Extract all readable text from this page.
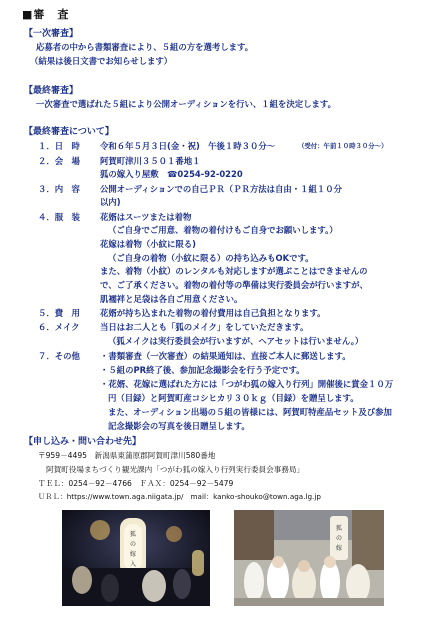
■審　査
【一次審査】
応募者の中から書類審査により、５組の方を選考します。
（結果は後日文書でお知らせします）
【最終審査】
一次審査で選ばれた５組により公開オーディションを行い、１組を決定します。
【最終審査について】
１．日　時 令和６年５月３日(金・祝)　午後１時３０分～	（受付：午前１０時３０分～）
２．会　場 阿賀町津川３５０１番地１
狐の嫁入り屋敷　☎0254-92-0220
３．内　容 公開オーディションでの自己ＰＲ（ＰＲ方法は自由・１組１０分
以内)
４．服　装 花婿はスーツまたは着物
（ご自身でご用意、着物の着付けもご自身でお願いします。）
花嫁は着物（小紋に限る)
（ご自身の着物（小紋に限る）の持ち込みもOKです。
また、着物（小紋）のレンタルも対応しますが選ぶことはできませんの
で、ご了承ください。着物の着付等の準備は実行委員会が行いますが、
肌襦袢と足袋は各自ご用意ください。
５．費　用 花婿が持ち込まれた着物の着付費用は自己負担となります。
６．メイク 当日はお二人とも「狐のメイク」をしていただきます。
（狐メイクは実行委員会が行いますが、ヘアセットは行いません。）
７．その他 ・書類審査（一次審査）の結果通知は、直接ご本人に郵送します。
・５組のPR終了後、参加記念撮影会を行う予定です。
・花婿、花嫁に選ばれた方には「つがわ狐の嫁入り行列」開催後に賞金１０万
円（目録）と阿賀町産コシヒカリ３０ｋｇ（目録）を贈呈します。
また、オーディション出場の５組の皆様には、阿賀町特産品セット及び参加
記念撮影会の写真を後日贈呈します。
【申し込み・問い合わせ先】
〒959－4495　新潟県東蒲原郡阿賀町津川580番地
阿賀町役場まちづくり観光課内「つがわ狐の嫁入り行列実行委員会事務局」
ＴＥＬ：0254－92－4766　ＦＡＸ：0254－92－5479
ＵＲＬ：https://www.town.aga.niigata.jp/　mail：kanko-shouko@town.aga.lg.jp
狐
の
嫁
入
狐
の
嫁
